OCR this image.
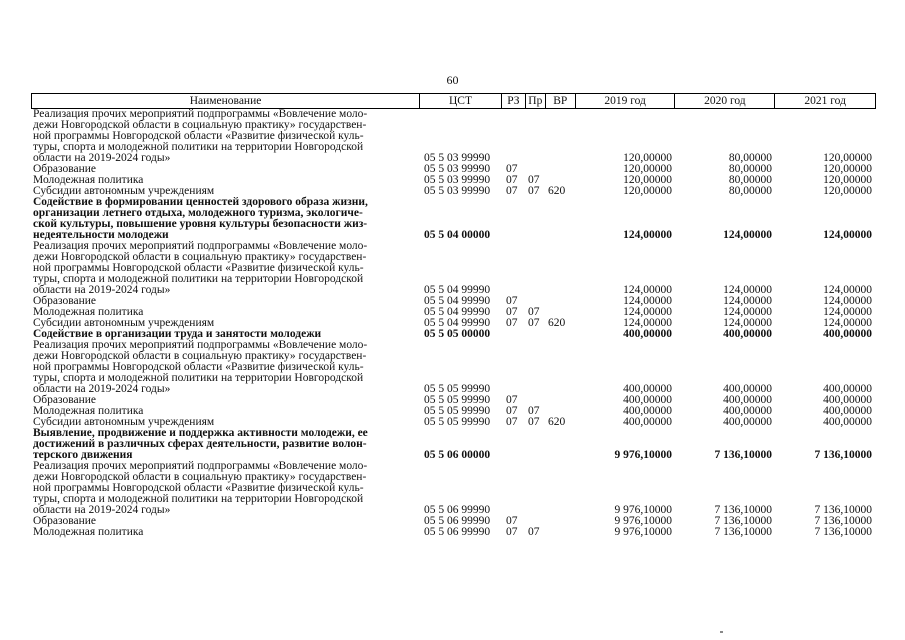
60
Наименование	ЦСТ	РЗ Пр ВР	2019 год	2020 год	2021 год
Реализация прочих мероприятий подпрограммы «Вовлечение моло-
дежи Новгородской области в социальную практику» государствен-
ной программы Новгородской области «Развитие физической куль-
туры, спорта и молодежной политики на территории Новгородской
области на 2019-2024 годы»	05 5 03 99990	120,00000	80,00000	120,00000
Образование	05 5 03 99990	07	120,00000	80,00000	120,00000
Молодежная политика	05 5 03 99990	07 07	120,00000	80,00000	120,00000
Субсидии автономным учреждениям	05 5 03 99990	07 07 620	120,00000	80,00000	120,00000
Содействие в формировании ценностей здорового образа жизни,
организации летнего отдыха, молодежного туризма, экологиче-
ской культуры, повышение уровня культуры безопасности жиз-
недеятельности молодежи	05 5 04 00000	124,00000	124,00000	124,00000
Реализация прочих мероприятий подпрограммы «Вовлечение моло-
дежи Новгородской области в социальную практику» государствен-
ной программы Новгородской области «Развитие физической куль-
туры, спорта и молодежной политики на территории Новгородской
области на 2019-2024 годы»	05 5 04 99990	124,00000	124,00000	124,00000
Образование	05 5 04 99990	07	124,00000	124,00000	124,00000
Молодежная политика	05 5 04 99990	07 07	124,00000	124,00000	124,00000
Субсидии автономным учреждениям	05 5 04 99990	07 07 620	124,00000	124,00000	124,00000
Содействие в организации труда и занятости молодежи	05 5 05 00000	400,00000	400,00000	400,00000
Реализация прочих мероприятий подпрограммы «Вовлечение моло-
дежи Новгородской области в социальную практику» государствен-
ной программы Новгородской области «Развитие физической куль-
туры, спорта и молодежной политики на территории Новгородской
области на 2019-2024 годы»	05 5 05 99990	400,00000	400,00000	400,00000
Образование	05 5 05 99990	07	400,00000	400,00000	400,00000
Молодежная политика	05 5 05 99990	07 07	400,00000	400,00000	400,00000
Субсидии автономным учреждениям	05 5 05 99990	07 07 620	400,00000	400,00000	400,00000
Выявление, продвижение и поддержка активности молодежи, ее
достижений в различных сферах деятельности, развитие волон-
терского движения	05 5 06 00000	9 976,10000	7 136,10000	7 136,10000
Реализация прочих мероприятий подпрограммы «Вовлечение моло-
дежи Новгородской области в социальную практику» государствен-
ной программы Новгородской области «Развитие физической куль-
туры, спорта и молодежной политики на территории Новгородской
области на 2019-2024 годы»	05 5 06 99990	9 976,10000	7 136,10000	7 136,10000
Образование	05 5 06 99990	07	9 976,10000	7 136,10000	7 136,10000
Молодежная политика	05 5 06 99990	07 07	9 976,10000	7 136,10000	7 136,10000
